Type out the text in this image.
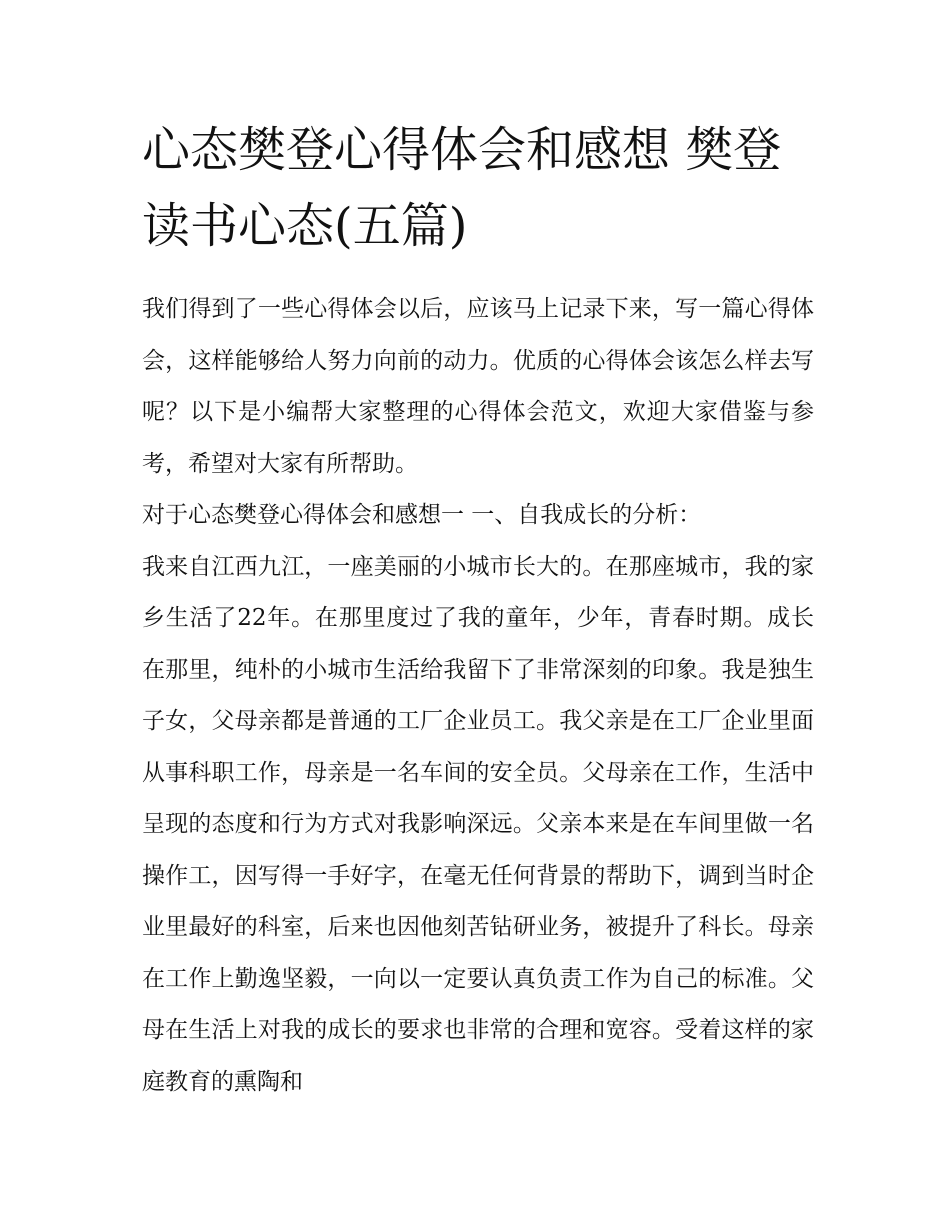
心态樊登心得体会和感想 樊登读书心态(五篇)

我们得到了一些心得体会以后，应该马上记录下来，写一篇心得体会，这样能够给人努力向前的动力。优质的心得体会该怎么样去写呢？以下是小编帮大家整理的心得体会范文，欢迎大家借鉴与参考，希望对大家有所帮助。

对于心态樊登心得体会和感想一 一、自我成长的分析：

我来自江西九江，一座美丽的小城市长大的。在那座城市，我的家乡生活了22年。在那里度过了我的童年，少年，青春时期。成长在那里，纯朴的小城市生活给我留下了非常深刻的印象。我是独生子女，父母亲都是普通的工厂企业员工。我父亲是在工厂企业里面从事科职工作，母亲是一名车间的安全员。父母亲在工作，生活中呈现的态度和行为方式对我影响深远。父亲本来是在车间里做一名操作工，因写得一手好字，在毫无任何背景的帮助下，调到当时企业里最好的科室，后来也因他刻苦钻研业务，被提升了科长。母亲在工作上勤逸坚毅，一向以一定要认真负责工作为自己的标准。父母在生活上对我的成长的要求也非常的合理和宽容。受着这样的家庭教育的熏陶和
